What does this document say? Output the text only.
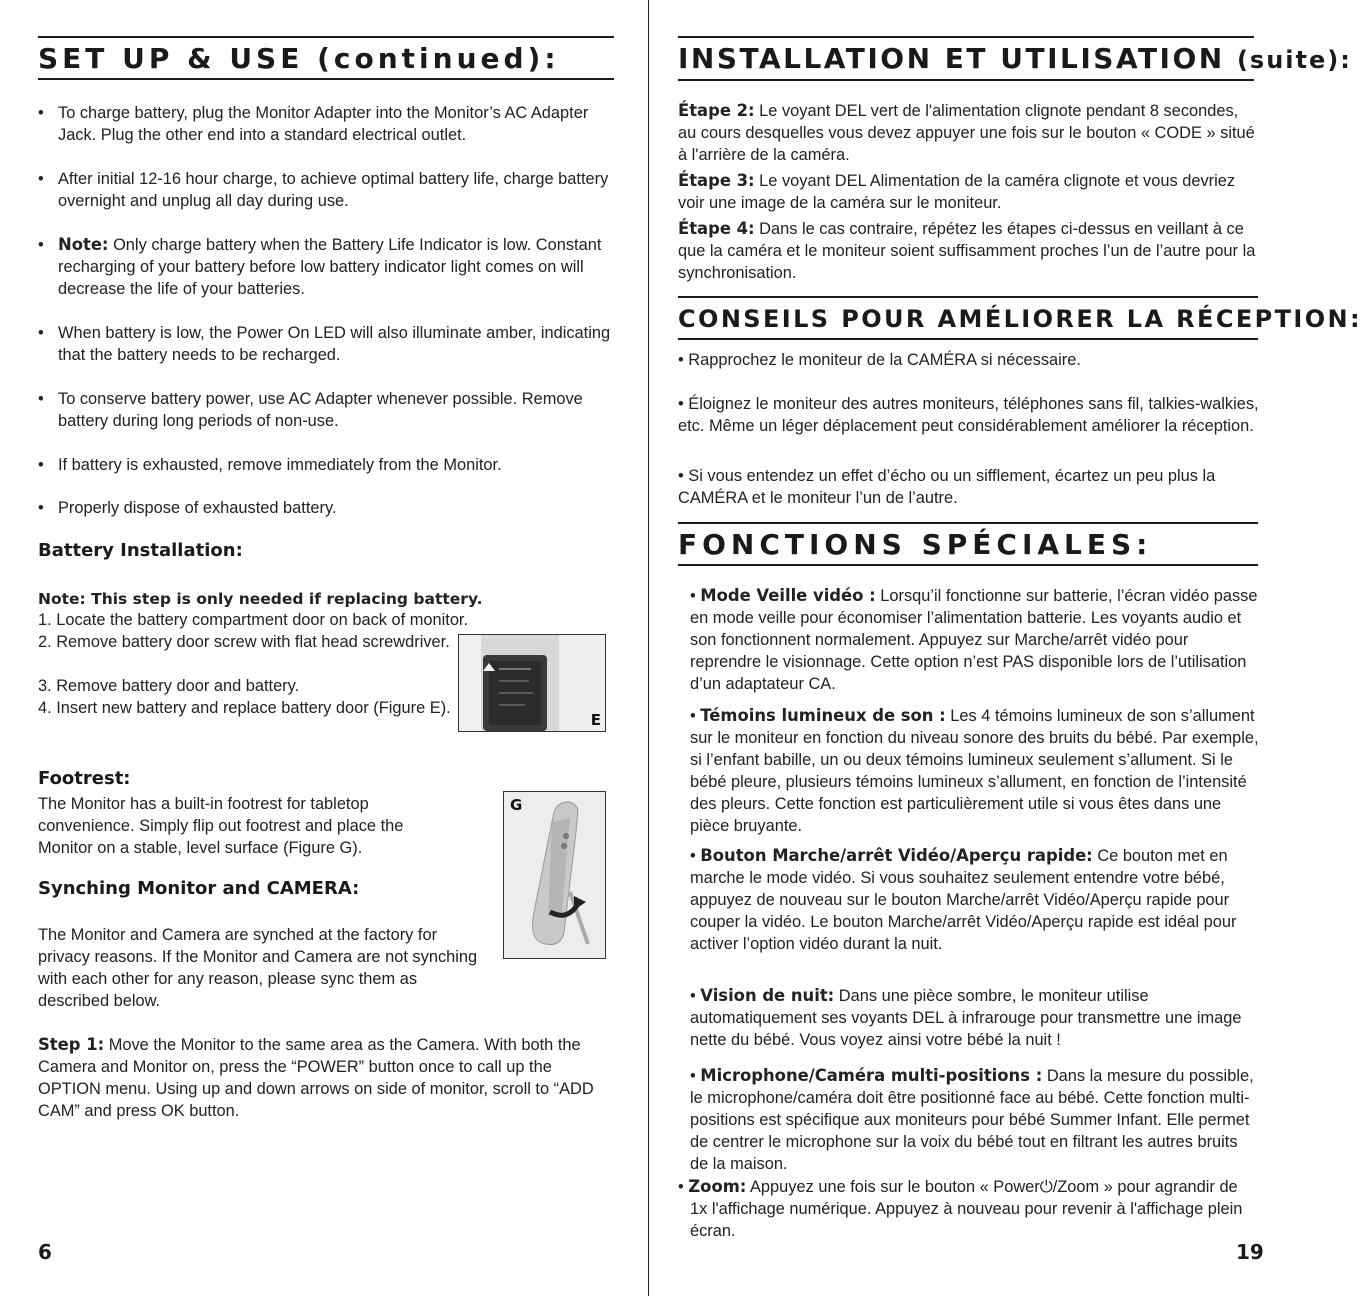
SET UP & USE (continued):
• To charge battery, plug the Monitor Adapter into the Monitor’s AC Adapter Jack. Plug the other end into a standard electrical outlet.
• After initial 12-16 hour charge, to achieve optimal battery life, charge battery overnight and unplug all day during use.
• Note: Only charge battery when the Battery Life Indicator is low. Constant recharging of your battery before low battery indicator light comes on will decrease the life of your batteries.
• When battery is low, the Power On LED will also illuminate amber, indicating that the battery needs to be recharged.
• To conserve battery power, use AC Adapter whenever possible. Remove battery during long periods of non-use.
• If battery is exhausted, remove immediately from the Monitor.
• Properly dispose of exhausted battery.
Battery Installation:
Note: This step is only needed if replacing battery.
1. Locate the battery compartment door on back of monitor.
2. Remove battery door screw with flat head screwdriver.
3. Remove battery door and battery.
4. Insert new battery and replace battery door (Figure E).
Footrest:
The Monitor has a built-in footrest for tabletop convenience. Simply flip out footrest and place the Monitor on a stable, level surface (Figure G).
Synching Monitor and CAMERA:
The Monitor and Camera are synched at the factory for privacy reasons. If the Monitor and Camera are not synching with each other for any reason, please sync them as described below.
Step 1: Move the Monitor to the same area as the Camera. With both the Camera and Monitor on, press the “POWER” button once to call up the OPTION menu. Using up and down arrows on side of monitor, scroll to “ADD CAM” and press OK button.
E
G
6
INSTALLATION ET UTILISATION (suite):
Étape 2: Le voyant DEL vert de l'alimentation clignote pendant 8 secondes, au cours desquelles vous devez appuyer une fois sur le bouton « CODE » situé à l'arrière de la caméra.
Étape 3: Le voyant DEL Alimentation de la caméra clignote et vous devriez voir une image de la caméra sur le moniteur.
Étape 4: Dans le cas contraire, répétez les étapes ci-dessus en veillant à ce que la caméra et le moniteur soient suffisamment proches l’un de l’autre pour la synchronisation.
CONSEILS POUR AMÉLIORER LA RÉCEPTION:
• Rapprochez le moniteur de la CAMÉRA si nécessaire.
• Éloignez le moniteur des autres moniteurs, téléphones sans fil, talkies-walkies, etc. Même un léger déplacement peut considérablement améliorer la réception.
• Si vous entendez un effet d’écho ou un sifflement, écartez un peu plus la CAMÉRA et le moniteur l’un de l’autre.
FONCTIONS SPÉCIALES:
• Mode Veille vidéo : Lorsqu’il fonctionne sur batterie, l’écran vidéo passe en mode veille pour économiser l’alimentation batterie. Les voyants audio et son fonctionnent normalement. Appuyez sur Marche/arrêt vidéo pour reprendre le visionnage. Cette option n’est PAS disponible lors de l’utilisation d’un adaptateur CA.
• Témoins lumineux de son : Les 4 témoins lumineux de son s’allument sur le moniteur en fonction du niveau sonore des bruits du bébé. Par exemple, si l’enfant babille, un ou deux témoins lumineux seulement s’allument. Si le bébé pleure, plusieurs témoins lumineux s’allument, en fonction de l’intensité des pleurs. Cette fonction est particulièrement utile si vous êtes dans une pièce bruyante.
• Bouton Marche/arrêt Vidéo/Aperçu rapide: Ce bouton met en marche le mode vidéo. Si vous souhaitez seulement entendre votre bébé, appuyez de nouveau sur le bouton Marche/arrêt Vidéo/Aperçu rapide pour couper la vidéo. Le bouton Marche/arrêt Vidéo/Aperçu rapide est idéal pour activer l’option vidéo durant la nuit.
• Vision de nuit: Dans une pièce sombre, le moniteur utilise automatiquement ses voyants DEL à infrarouge pour transmettre une image nette du bébé. Vous voyez ainsi votre bébé la nuit !
• Microphone/Caméra multi-positions : Dans la mesure du possible, le microphone/caméra doit être positionné face au bébé. Cette fonction multi-positions est spécifique aux moniteurs pour bébé Summer Infant. Elle permet de centrer le microphone sur la voix du bébé tout en filtrant les autres bruits de la maison.
• Zoom: Appuyez une fois sur le bouton « Power⏻/Zoom » pour agrandir de 1x l'affichage numérique. Appuyez à nouveau pour revenir à l'affichage plein écran.
19
